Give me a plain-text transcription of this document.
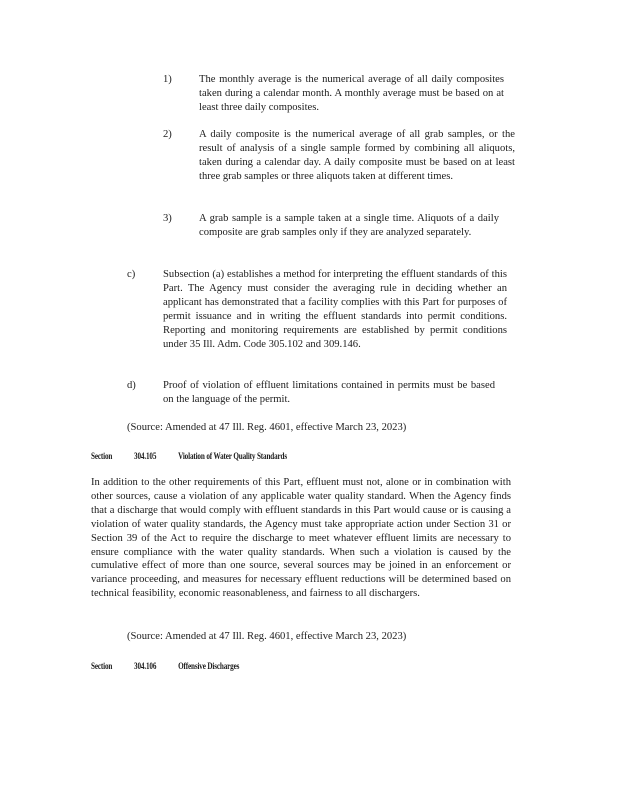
1)	The monthly average is the numerical average of all daily composites taken during a calendar month. A monthly average must be based on at least three daily composites.

2)	A daily composite is the numerical average of all grab samples, or the result of analysis of a single sample formed by combining all aliquots, taken during a calendar day. A daily composite must be based on at least three grab samples or three aliquots taken at different times.

3)	A grab sample is a sample taken at a single time. Aliquots of a daily composite are grab samples only if they are analyzed separately.

c)	Subsection (a) establishes a method for interpreting the effluent standards of this Part. The Agency must consider the averaging rule in deciding whether an applicant has demonstrated that a facility complies with this Part for purposes of permit issuance and in writing the effluent standards into permit conditions. Reporting and monitoring requirements are established by permit conditions under 35 Ill. Adm. Code 305.102 and 309.146.

d)	Proof of violation of effluent limitations contained in permits must be based on the language of the permit.

(Source: Amended at 47 Ill. Reg. 4601, effective March 23, 2023)
Section 304.105 Violation of Water Quality Standards

In addition to the other requirements of this Part, effluent must not, alone or in combination with other sources, cause a violation of any applicable water quality standard. When the Agency finds that a discharge that would comply with effluent standards in this Part would cause or is causing a violation of water quality standards, the Agency must take appropriate action under Section 31 or Section 39 of the Act to require the discharge to meet whatever effluent limits are necessary to ensure compliance with the water quality standards. When such a violation is caused by the cumulative effect of more than one source, several sources may be joined in an enforcement or variance proceeding, and measures for necessary effluent reductions will be determined based on technical feasibility, economic reasonableness, and fairness to all dischargers.

(Source: Amended at 47 Ill. Reg. 4601, effective March 23, 2023)
Section 304.106 Offensive Discharges
